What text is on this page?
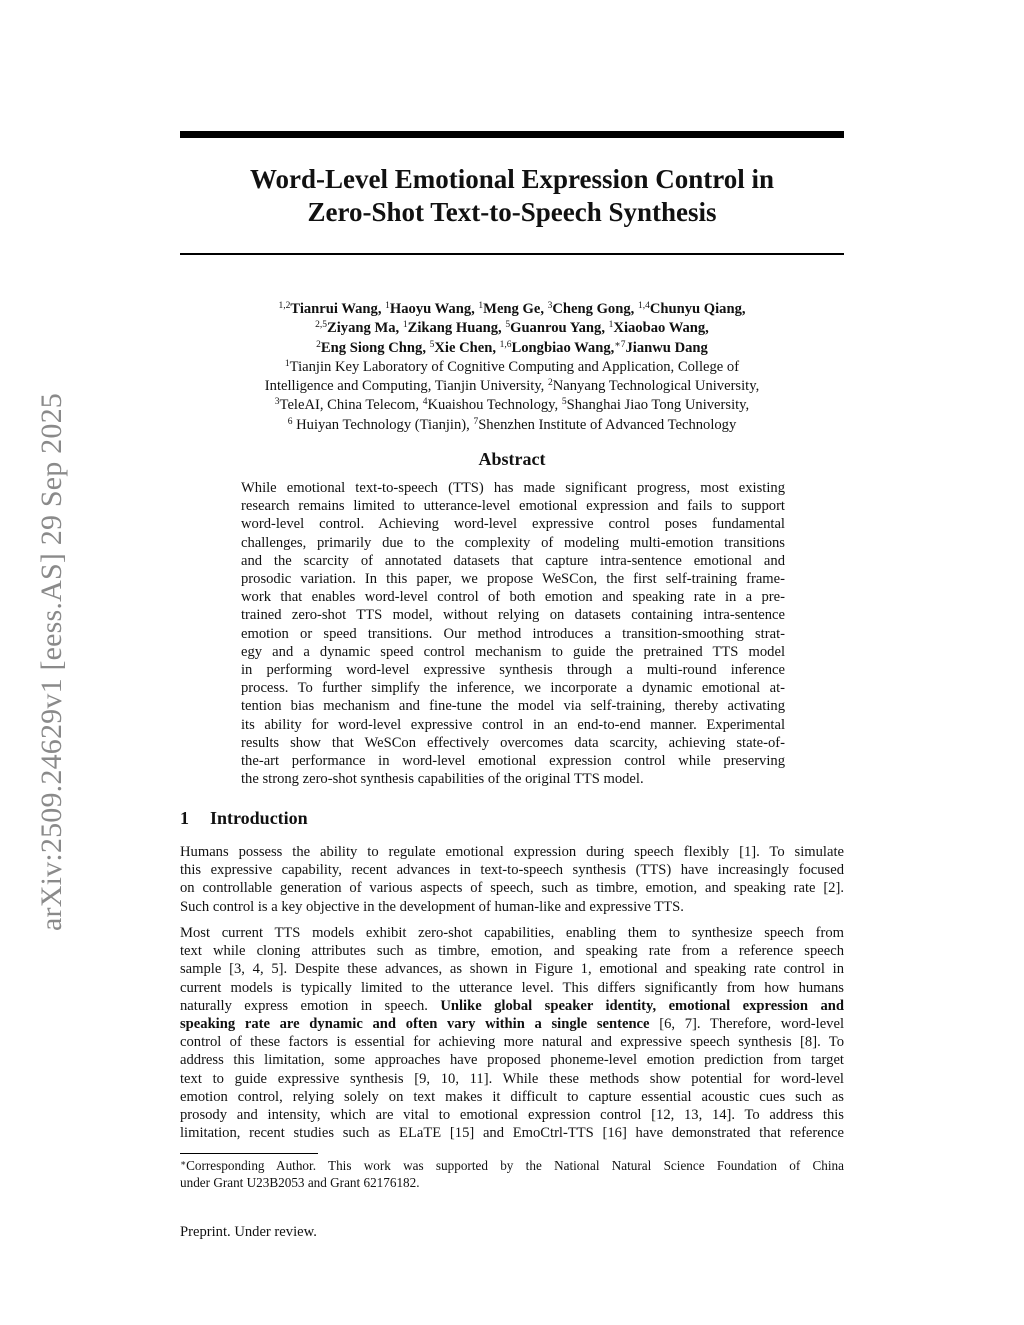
arXiv:2509.24629v1 [eess.AS] 29 Sep 2025
Word-Level Emotional Expression Control in
Zero-Shot Text-to-Speech Synthesis
$^{1,2}$Tianrui Wang, $^1$Haoyu Wang, $^1$Meng Ge, $^3$Cheng Gong, $^{1,4}$Chunyu Qiang,
$^{2,5}$Ziyang Ma, $^1$Zikang Huang, $^5$Guanrou Yang, $^1$Xiaobao Wang,
$^2$Eng Siong Chng, $^5$Xie Chen, $^{1,6}$Longbiao Wang,$^{∗7}$Jianwu Dang
$^1$Tianjin Key Laboratory of Cognitive Computing and Application, College of
Intelligence and Computing, Tianjin University, $^2$Nanyang Technological University,
$^3$TeleAI, China Telecom, $^4$Kuaishou Technology, $^5$Shanghai Jiao Tong University,
$^6$ Huiyan Technology (Tianjin), $^7$Shenzhen Institute of Advanced Technology
Abstract
While emotional text-to-speech (TTS) has made significant progress, most existing
research remains limited to utterance-level emotional expression and fails to support
word-level control. Achieving word-level expressive control poses fundamental
challenges, primarily due to the complexity of modeling multi-emotion transitions
and the scarcity of annotated datasets that capture intra-sentence emotional and
prosodic variation. In this paper, we propose WeSCon, the first self-training frame-
work that enables word-level control of both emotion and speaking rate in a pre-
trained zero-shot TTS model, without relying on datasets containing intra-sentence
emotion or speed transitions. Our method introduces a transition-smoothing strat-
egy and a dynamic speed control mechanism to guide the pretrained TTS model
in performing word-level expressive synthesis through a multi-round inference
process. To further simplify the inference, we incorporate a dynamic emotional at-
tention bias mechanism and fine-tune the model via self-training, thereby activating
its ability for word-level expressive control in an end-to-end manner. Experimental
results show that WeSCon effectively overcomes data scarcity, achieving state-of-
the-art performance in word-level emotional expression control while preserving
the strong zero-shot synthesis capabilities of the original TTS model.
1 Introduction
Humans possess the ability to regulate emotional expression during speech flexibly [1]. To simulate
this expressive capability, recent advances in text-to-speech synthesis (TTS) have increasingly focused
on controllable generation of various aspects of speech, such as timbre, emotion, and speaking rate [2].
Such control is a key objective in the development of human-like and expressive TTS.
Most current TTS models exhibit zero-shot capabilities, enabling them to synthesize speech from
text while cloning attributes such as timbre, emotion, and speaking rate from a reference speech
sample [3, 4, 5]. Despite these advances, as shown in Figure 1, emotional and speaking rate control in
current models is typically limited to the utterance level. This differs significantly from how humans
naturally express emotion in speech. Unlike global speaker identity, emotional expression and
speaking rate are dynamic and often vary within a single sentence [6, 7]. Therefore, word-level
control of these factors is essential for achieving more natural and expressive speech synthesis [8]. To
address this limitation, some approaches have proposed phoneme-level emotion prediction from target
text to guide expressive synthesis [9, 10, 11]. While these methods show potential for word-level
emotion control, relying solely on text makes it difficult to capture essential acoustic cues such as
prosody and intensity, which are vital to emotional expression control [12, 13, 14]. To address this
limitation, recent studies such as ELaTE [15] and EmoCtrl-TTS [16] have demonstrated that reference
∗Corresponding Author. This work was supported by the National Natural Science Foundation of China
under Grant U23B2053 and Grant 62176182.
Preprint. Under review.
